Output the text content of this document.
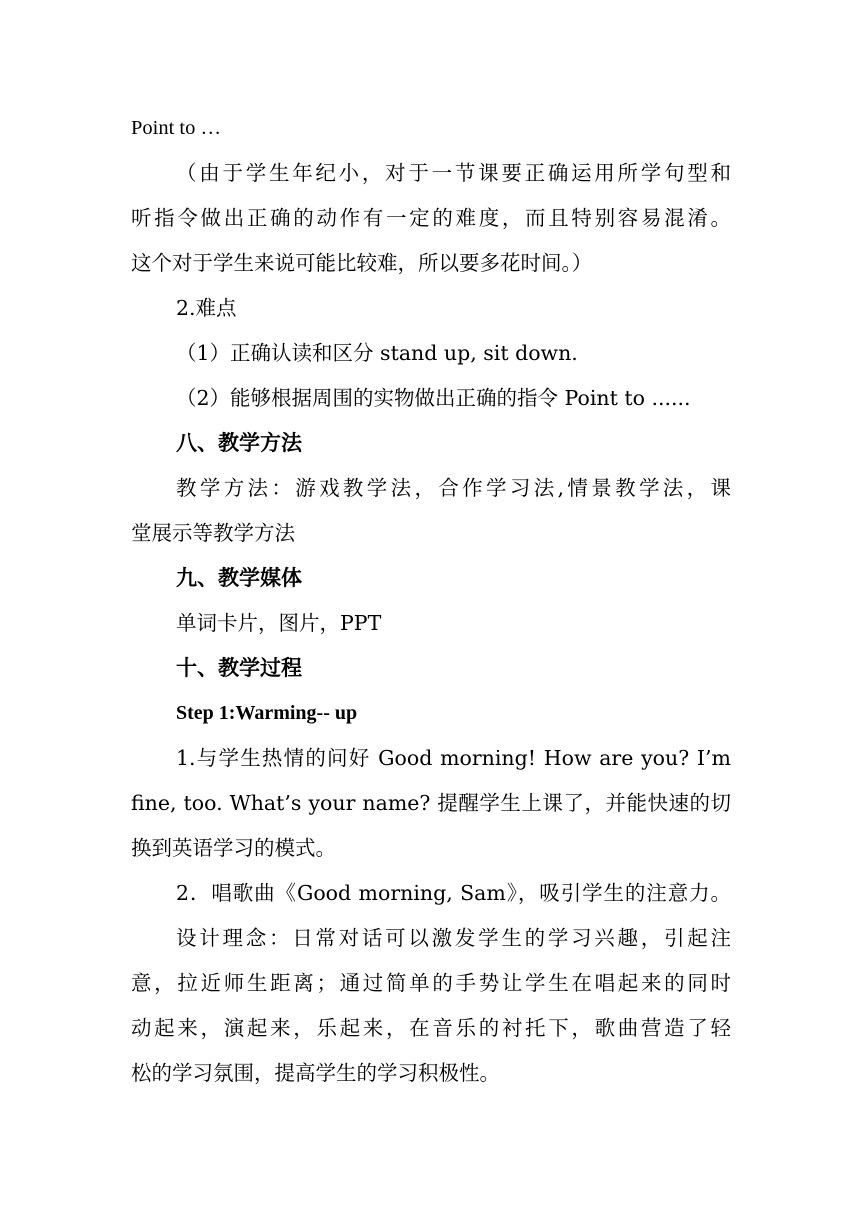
Point to …
（由于学生年纪小，对于一节课要正确运用所学句型和
听指令做出正确的动作有一定的难度，而且特别容易混淆。
这个对于学生来说可能比较难，所以要多花时间。）
2.难点
（1）正确认读和区分 stand up, sit down.
（2）能够根据周围的实物做出正确的指令 Point to ......
八、教学方法
教学方法：游戏教学法，合作学习法,情景教学法，课
堂展示等教学方法
九、教学媒体
单词卡片，图片，PPT
十、教学过程
Step 1:Warming-- up
1.与学生热情的问好 Good morning! How are you? I’m
fine, too. What’s your name? 提醒学生上课了，并能快速的切
换到英语学习的模式。
2．唱歌曲《Good morning, Sam》，吸引学生的注意力。
设计理念：日常对话可以激发学生的学习兴趣，引起注
意，拉近师生距离；通过简单的手势让学生在唱起来的同时
动起来，演起来，乐起来，在音乐的衬托下，歌曲营造了轻
松的学习氛围，提高学生的学习积极性。
